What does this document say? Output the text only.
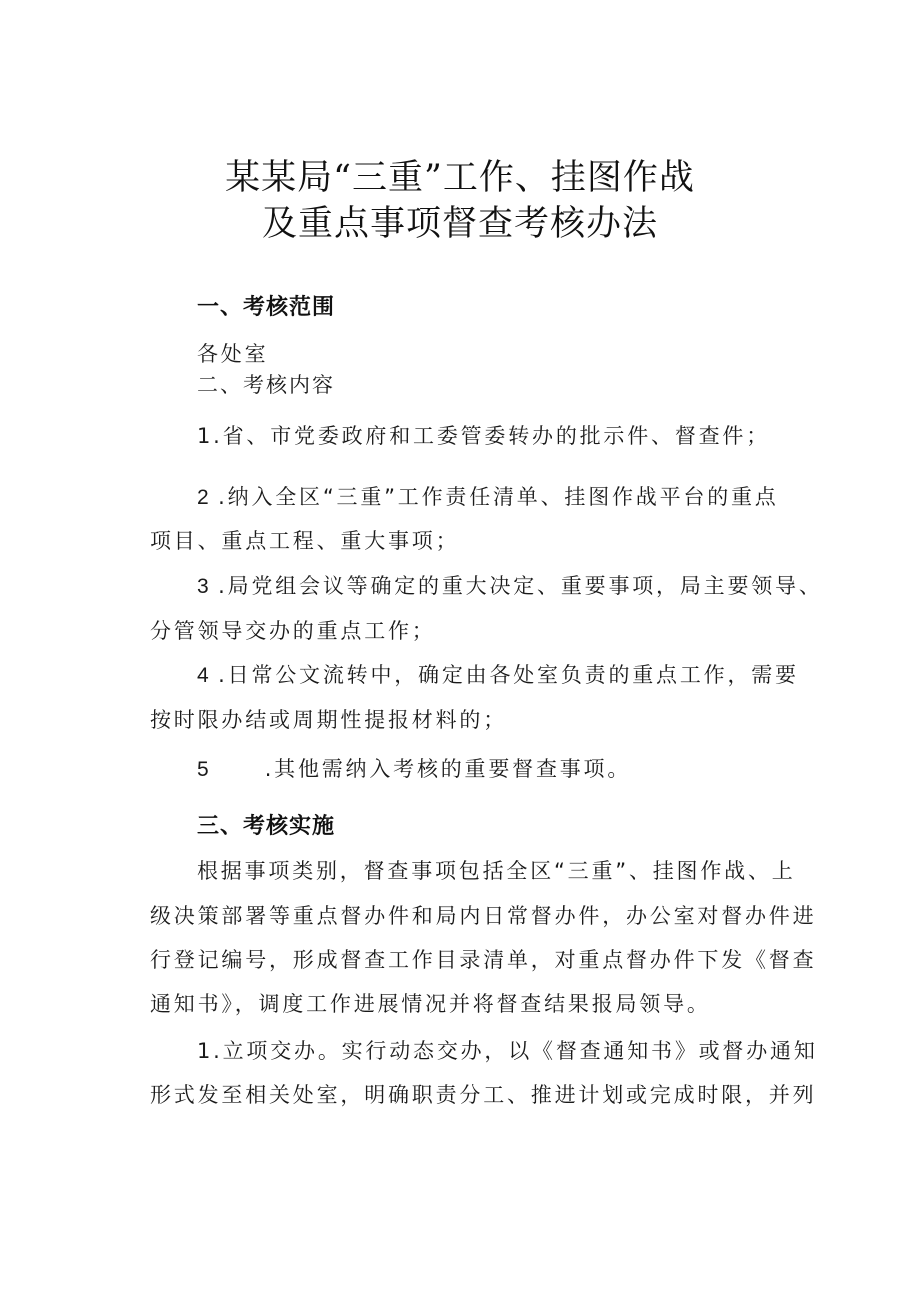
某某局“三重”工作、挂图作战
及重点事项督查考核办法
一、考核范围
各处室
二、考核内容
1.省、市党委政府和工委管委转办的批示件、督查件；
2 .纳入全区“三重”工作责任清单、挂图作战平台的重点
项目、重点工程、重大事项；
3 .局党组会议等确定的重大决定、重要事项，局主要领导、
分管领导交办的重点工作；
4 .日常公文流转中，确定由各处室负责的重点工作，需要
按时限办结或周期性提报材料的；
5	.其他需纳入考核的重要督查事项。
三、考核实施
根据事项类别，督查事项包括全区“三重”、挂图作战、上
级决策部署等重点督办件和局内日常督办件，办公室对督办件进
行登记编号，形成督查工作目录清单，对重点督办件下发《督查
通知书》，调度工作进展情况并将督查结果报局领导。
1.立项交办。实行动态交办，以《督查通知书》或督办通知
形式发至相关处室，明确职责分工、推进计划或完成时限，并列
